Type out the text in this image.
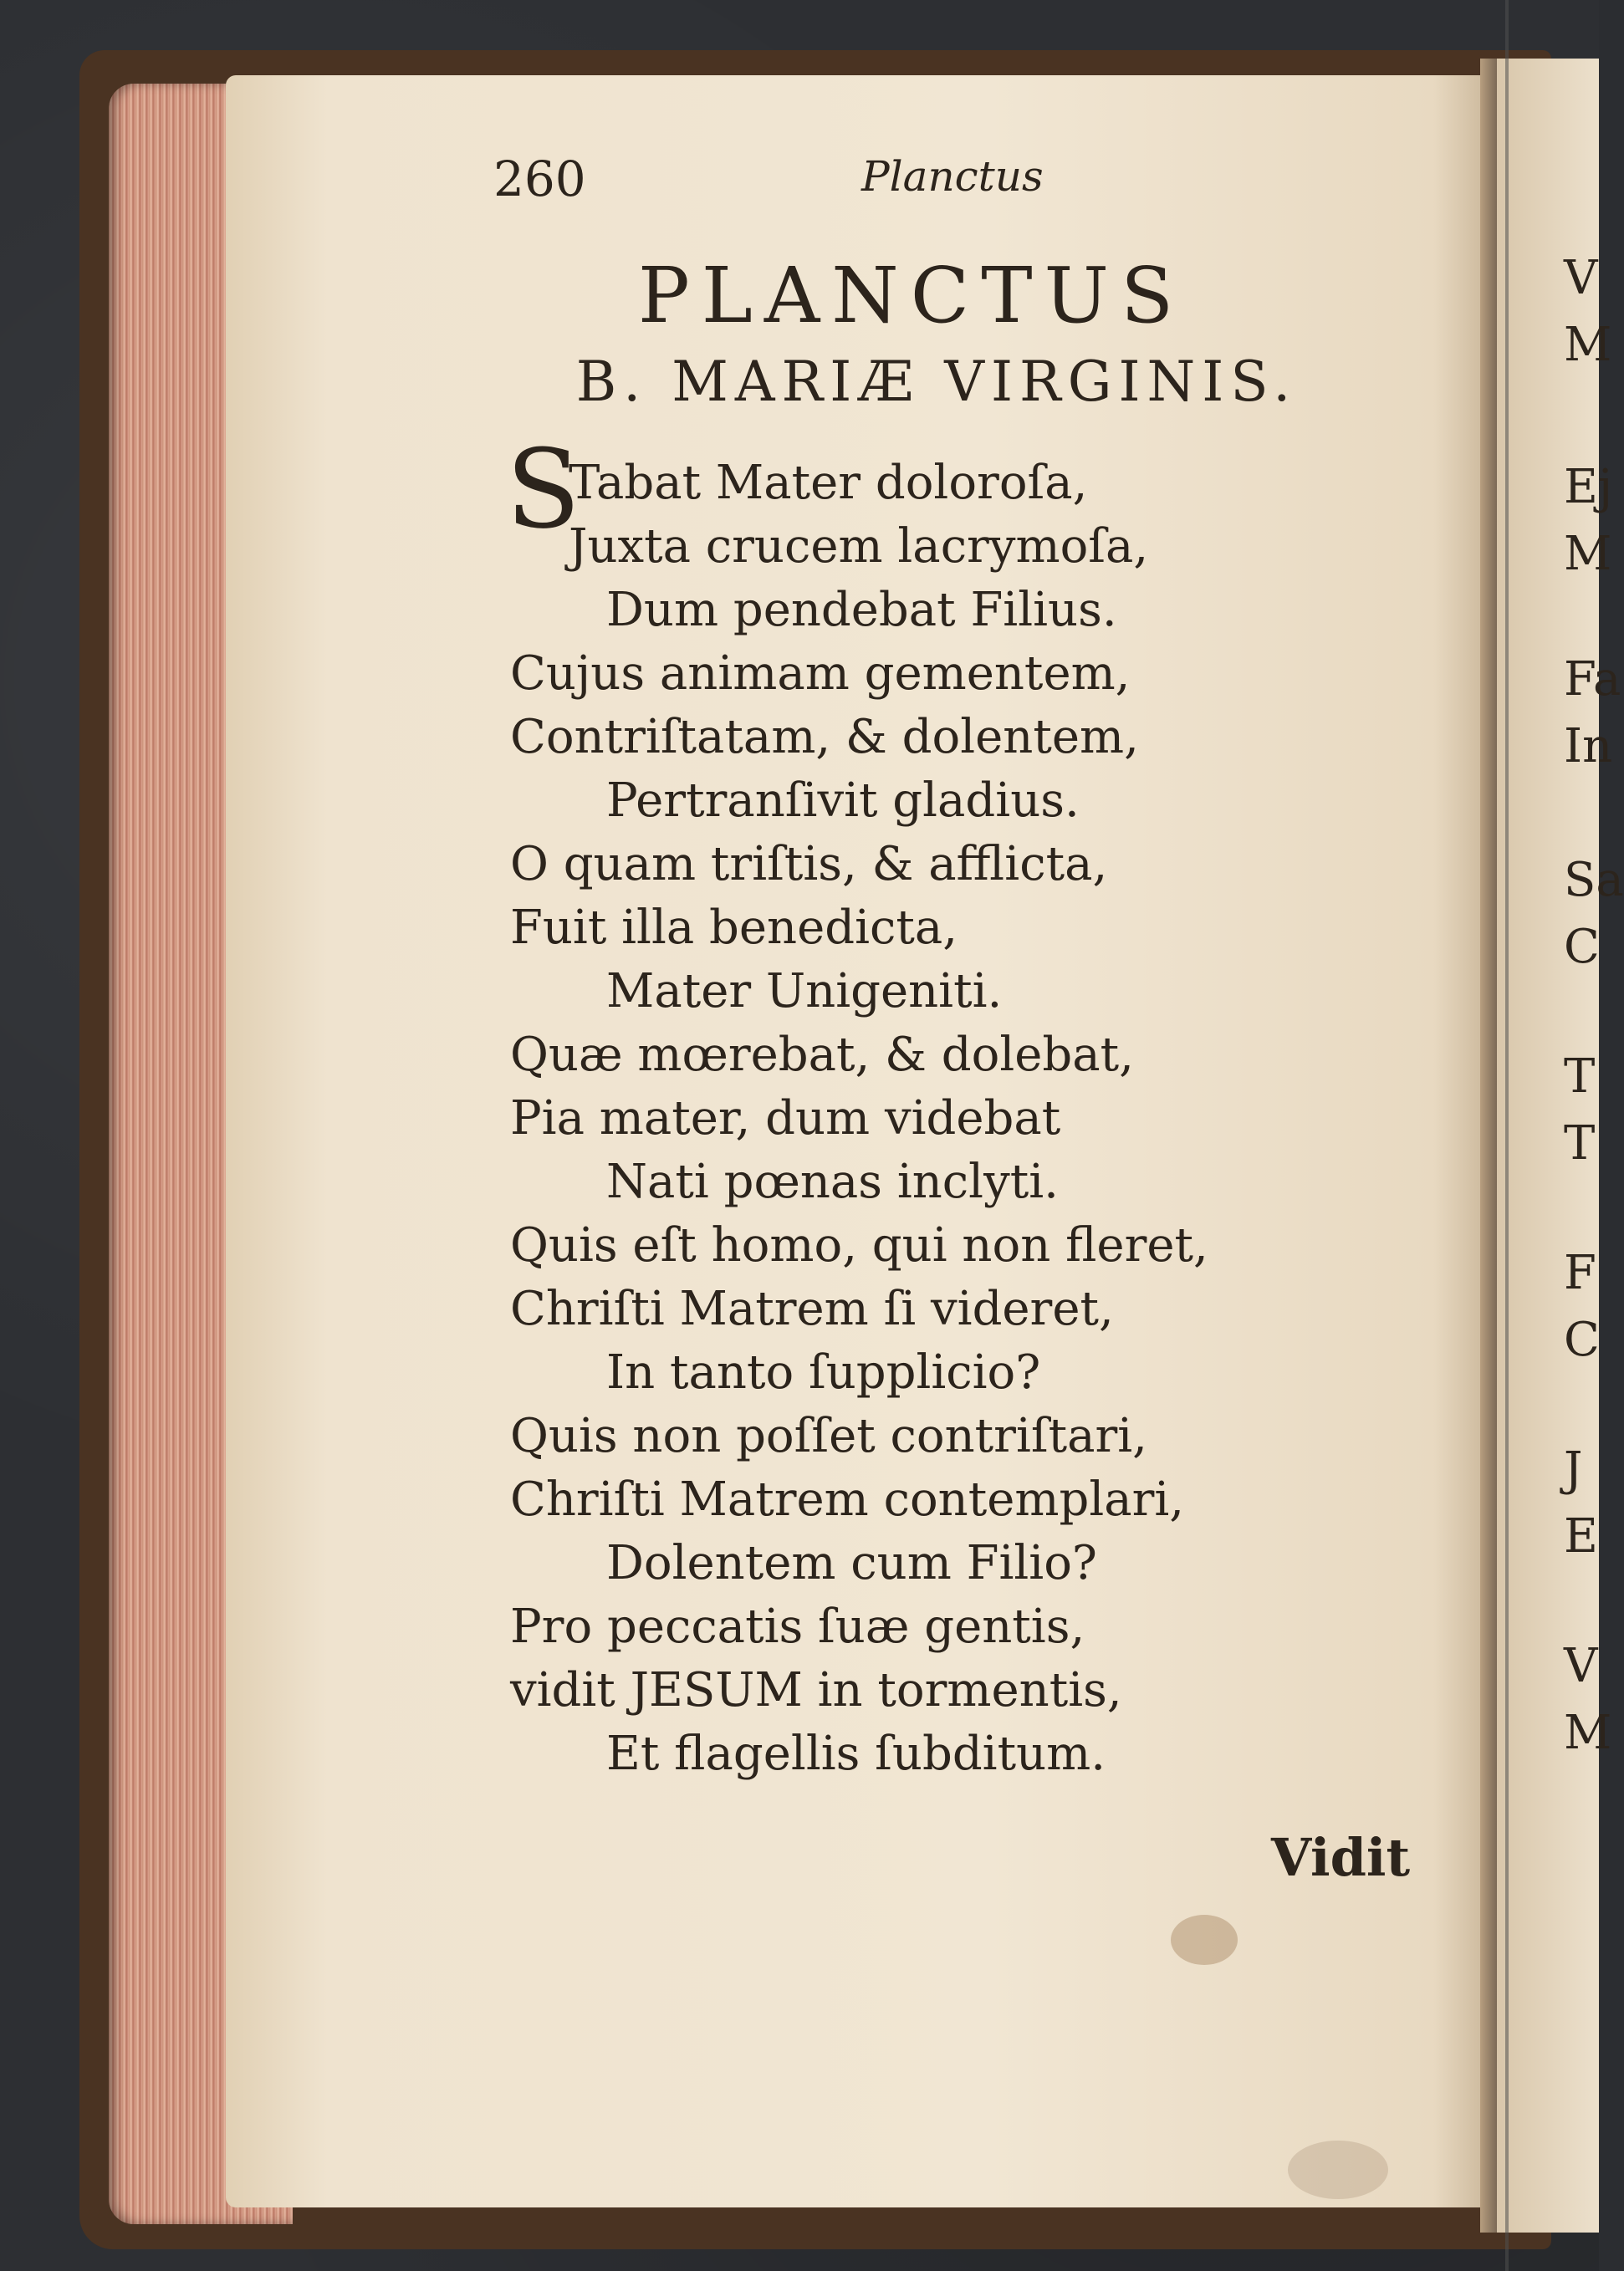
260	Planctus
PLANCTUS
B. MARIÆ VIRGINIS.
S
Tabat Mater doloroſa,
Juxta crucem lacrymoſa,
Dum pendebat Filius.
Cujus animam gementem,
Contriſtatam, & dolentem,
Pertranſivit gladius.
O quam triſtis, & afflicta,
Fuit illa benedicta,
Mater Unigeniti.
Quæ mœrebat, & dolebat,
Pia mater, dum videbat
Nati pœnas inclyti.
Quis eſt homo, qui non fleret,
Chriſti Matrem ſi videret,
In tanto ſupplicio?
Quis non poſſet contriſtari,
Chriſti Matrem contemplari,
Dolentem cum Filio?
Pro peccatis ſuæ gentis,
vidit JESUM in tormentis,
Et flagellis ſubditum.
Vidit
V
M
Ej
M
Fa
In
Sa
C
T
T
F
C
J
E
V
M
